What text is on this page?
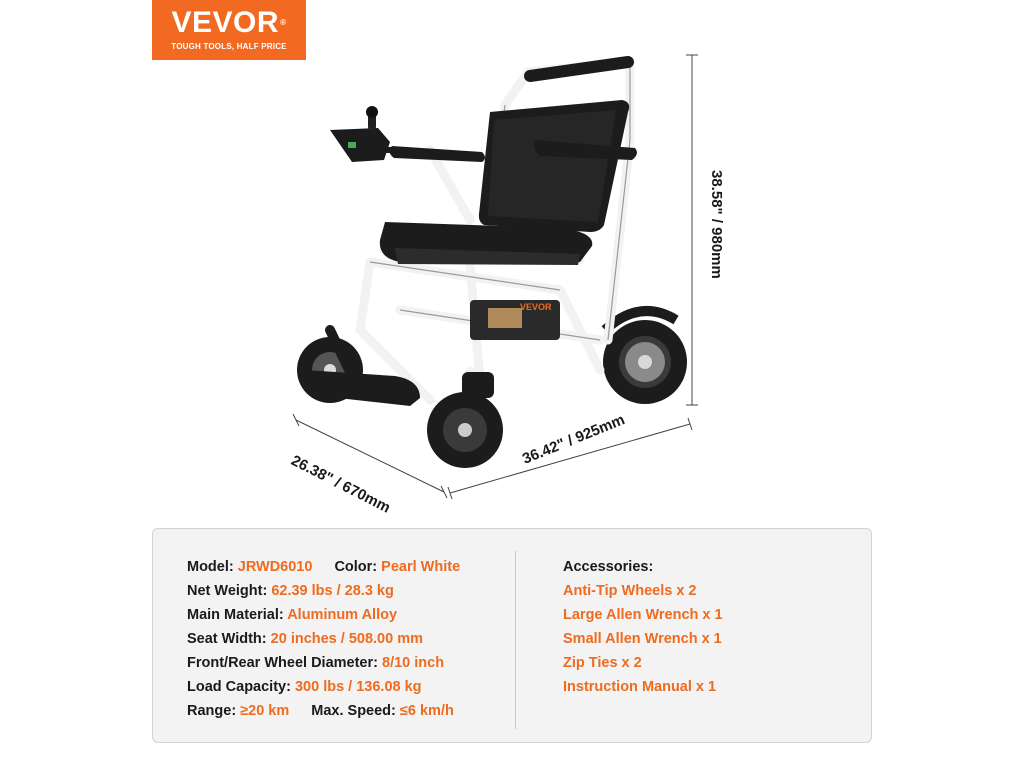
VEVOR®
TOUGH TOOLS, HALF PRICE
VEVOR
38.58" / 980mm
26.38" / 670mm
36.42" / 925mm
Model: JRWD6010 Color: Pearl White
Net Weight: 62.39 lbs / 28.3 kg
Main Material: Aluminum Alloy
Seat Width: 20 inches / 508.00 mm
Front/Rear Wheel Diameter: 8/10 inch
Load Capacity: 300 lbs / 136.08 kg
Range: ≥20 km Max. Speed: ≤6 km/h
Accessories:
Anti-Tip Wheels x 2
Large Allen Wrench x 1
Small Allen Wrench x 1
Zip Ties x 2
Instruction Manual x 1
